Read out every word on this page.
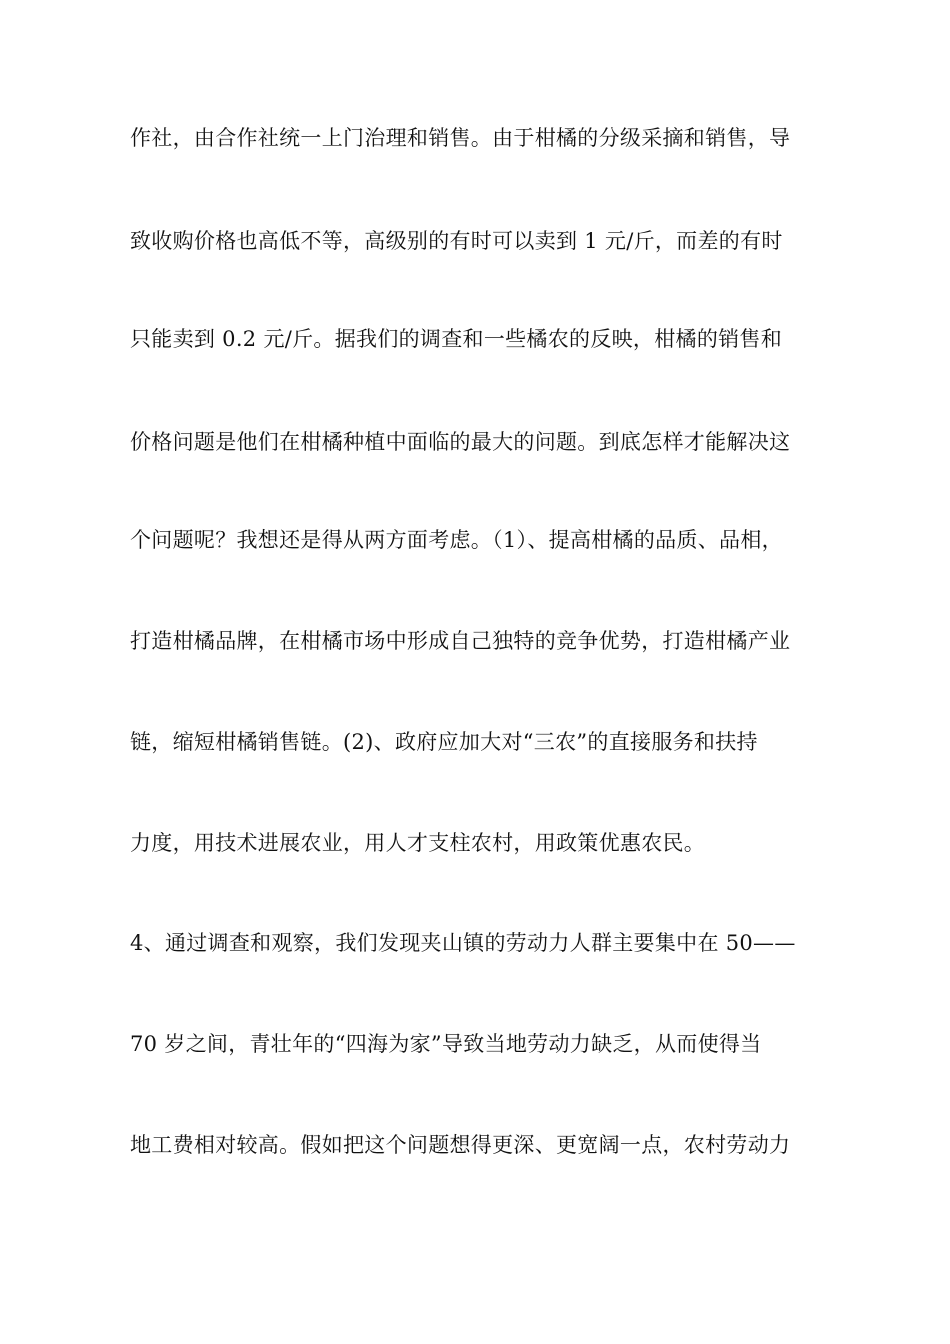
作社，由合作社统一上门治理和销售。由于柑橘的分级采摘和销售，导
致收购价格也高低不等，高级别的有时可以卖到 1 元/斤，而差的有时
只能卖到 0.2 元/斤。据我们的调查和一些橘农的反映，柑橘的销售和
价格问题是他们在柑橘种植中面临的最大的问题。到底怎样才能解决这
个问题呢？我想还是得从两方面考虑。（1）、提高柑橘的品质、品相，
打造柑橘品牌，在柑橘市场中形成自己独特的竞争优势，打造柑橘产业
链，缩短柑橘销售链。(2)、政府应加大对“三农”的直接服务和扶持
力度，用技术进展农业，用人才支柱农村，用政策优惠农民。
4、通过调查和观察，我们发现夹山镇的劳动力人群主要集中在 50——
70 岁之间，青壮年的“四海为家”导致当地劳动力缺乏，从而使得当
地工费相对较高。假如把这个问题想得更深、更宽阔一点，农村劳动力
